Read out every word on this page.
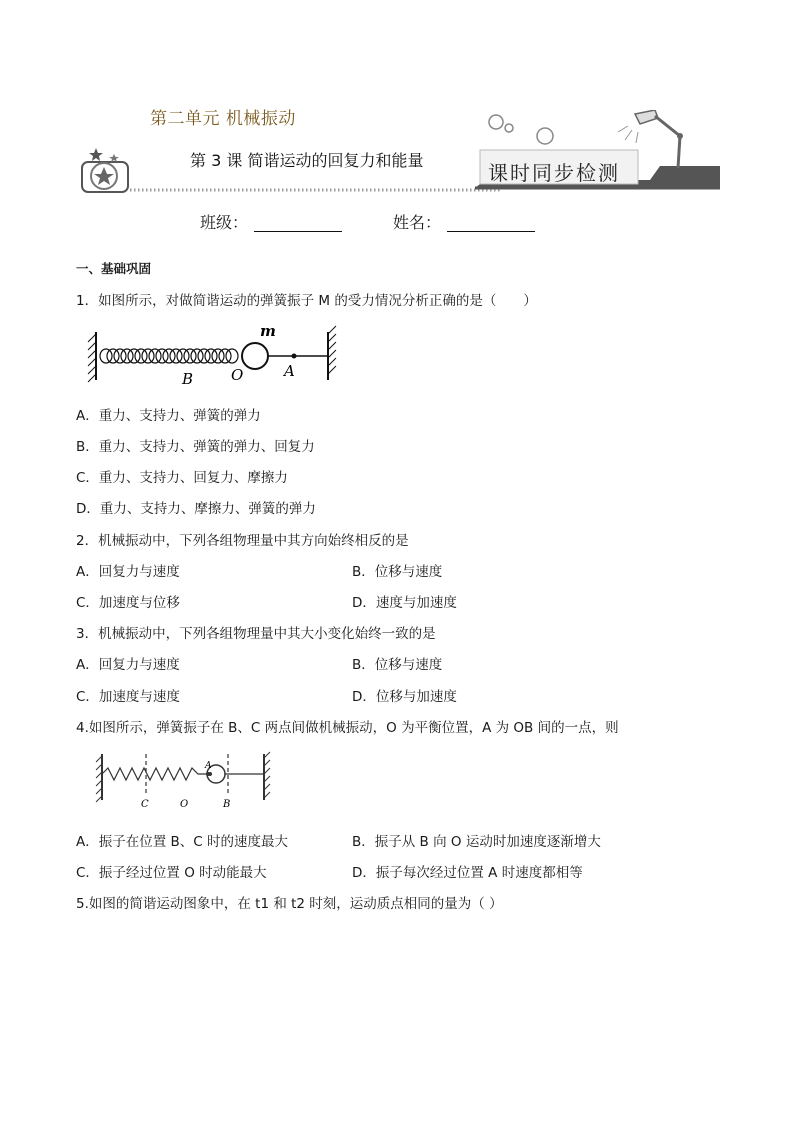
第二单元 机械振动
第 3 课 简谐运动的回复力和能量
课时同步检测
班级：	姓名：
一、基础巩固
1．如图所示，对做简谐运动的弹簧振子 M 的受力情况分析正确的是（　　）
m
B	O	A
A．重力、支持力、弹簧的弹力
B．重力、支持力、弹簧的弹力、回复力
C．重力、支持力、回复力、摩擦力
D．重力、支持力、摩擦力、弹簧的弹力
2．机械振动中，下列各组物理量中其方向始终相反的是
A．回复力与速度	B．位移与速度
C．加速度与位移	D．速度与加速度
3．机械振动中，下列各组物理量中其大小变化始终一致的是
A．回复力与速度	B．位移与速度
C．加速度与速度	D．位移与加速度
4.如图所示，弹簧振子在 B、C 两点间做机械振动，O 为平衡位置，A 为 OB 间的一点，则
C	O
A
B
A．振子在位置 B、C 时的速度最大	B．振子从 B 向 O 运动时加速度逐渐增大
C．振子经过位置 O 时动能最大	D．振子每次经过位置 A 时速度都相等
5.如图的简谐运动图象中，在 t1 和 t2 时刻，运动质点相同的量为（ ）
